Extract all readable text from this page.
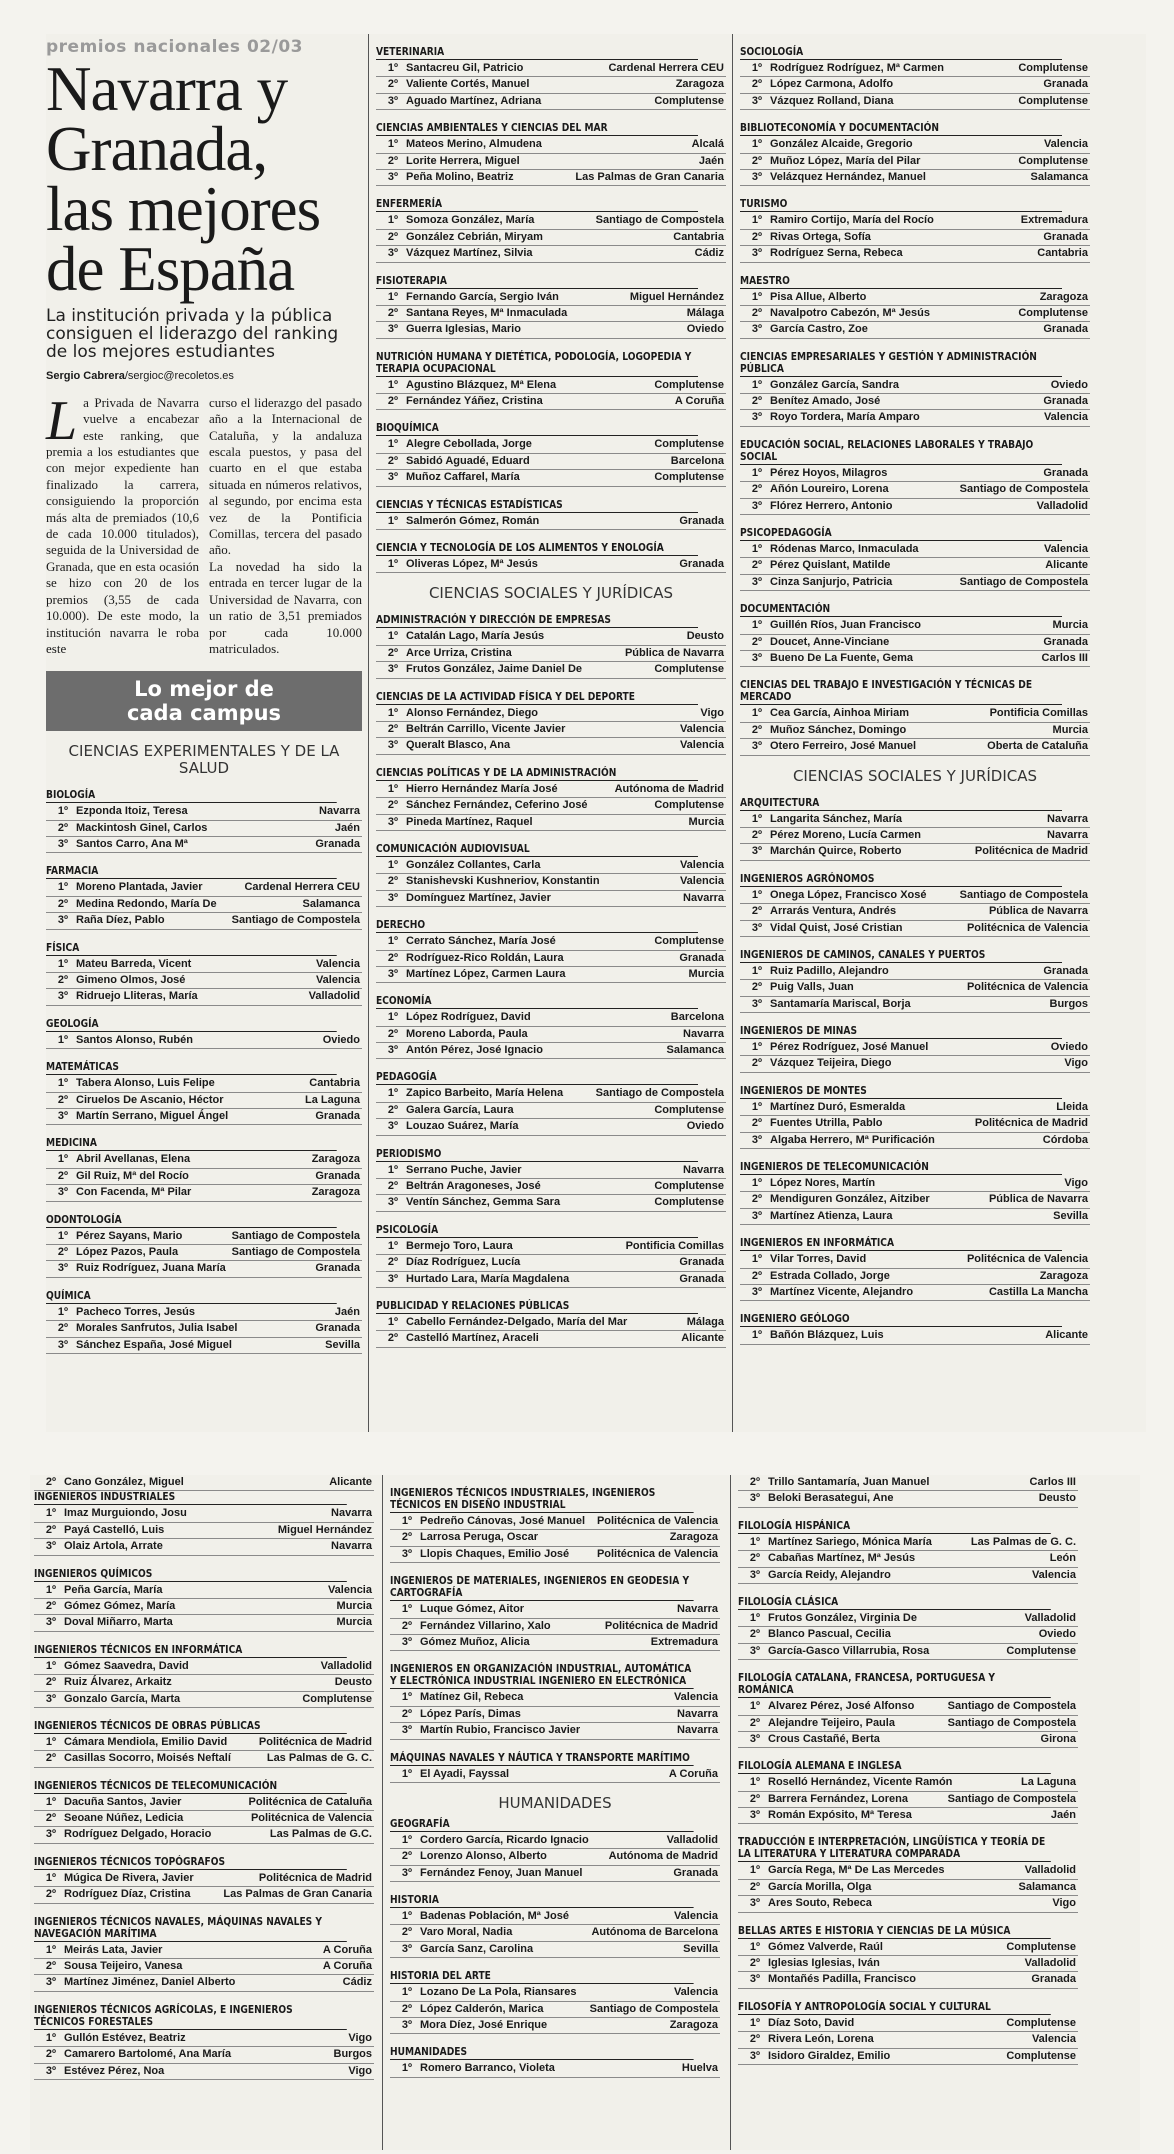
premios nacionales 02/03
Navarra y
Granada,
las mejores
de España
La institución privada y la pública consiguen el liderazgo del ranking de los mejores estudiantes
Sergio Cabrera/sergioc@recoletos.es
La Privada de Navarra vuelve a encabezar este ranking, que premia a los estudiantes que con mejor expediente han finalizado la carrera, consiguiendo la proporción más alta de premiados (10,6 de cada 10.000 titulados), seguida de la Universidad de Granada, que en esta ocasión se hizo con 20 de los premios (3,55 de cada 10.000). De este modo, la institución navarra le roba este
curso el liderazgo del pasado año a la Internacional de Cataluña, y la andaluza escala puestos, y pasa del cuarto en el que estaba situada en números relativos, al segundo, por encima esta vez de la Pontificia Comillas, tercera del pasado año.
La novedad ha sido la entrada en tercer lugar de la Universidad de Navarra, con un ratio de 3,51 premiados por cada 10.000 matriculados.
Lo mejor de
cada campus
CIENCIAS EXPERIMENTALES Y DE LA SALUD
BIOLOGÍA
1º Ezponda Itoiz, Teresa	Navarra
2º Mackintosh Ginel, Carlos	Jaén
3º Santos Carro, Ana Mª	Granada
FARMACIA
1º Moreno Plantada, Javier	Cardenal Herrera CEU
2º Medina Redondo, María De	Salamanca
3º Raña Díez, Pablo	Santiago de Compostela
FÍSICA
1º Mateu Barreda, Vicent	Valencia
2º Gimeno Olmos, José	Valencia
3º Ridruejo Lliteras, María	Valladolid
GEOLOGÍA
1º Santos Alonso, Rubén	Oviedo
MATEMÁTICAS
1º Tabera Alonso, Luis Felipe	Cantabria
2º Ciruelos De Ascanio, Héctor	La Laguna
3º Martín Serrano, Miguel Ángel	Granada
MEDICINA
1º Abril Avellanas, Elena	Zaragoza
2º Gil Ruiz, Mª del Rocío	Granada
3º Con Facenda, Mª Pilar	Zaragoza
ODONTOLOGÍA
1º Pérez Sayans, Mario	Santiago de Compostela
2º López Pazos, Paula	Santiago de Compostela
3º Ruiz Rodríguez, Juana María	Granada
QUÍMICA
1º Pacheco Torres, Jesús	Jaén
2º Morales Sanfrutos, Julia Isabel	Granada
3º Sánchez España, José Miguel	Sevilla
VETERINARIA
1º Santacreu Gil, Patricio	Cardenal Herrera CEU
2º Valiente Cortés, Manuel	Zaragoza
3º Aguado Martínez, Adriana	Complutense
CIENCIAS AMBIENTALES Y CIENCIAS DEL MAR
1º Mateos Merino, Almudena	Alcalá
2º Lorite Herrera, Miguel	Jaén
3º Peña Molino, Beatriz	Las Palmas de Gran Canaria
ENFERMERÍA
1º Somoza González, María	Santiago de Compostela
2º González Cebrián, Miryam	Cantabria
3º Vázquez Martínez, Silvia	Cádiz
FISIOTERAPIA
1º Fernando García, Sergio Iván	Miguel Hernández
2º Santana Reyes, Mª Inmaculada	Málaga
3º Guerra Iglesias, Mario	Oviedo
NUTRICIÓN HUMANA Y DIETÉTICA, PODOLOGÍA, LOGOPEDIA Y TERAPIA OCUPACIONAL
1º Agustino Blázquez, Mª Elena	Complutense
2º Fernández Yáñez, Cristina	A Coruña
BIOQUÍMICA
1º Alegre Cebollada, Jorge	Complutense
2º Sabidó Aguadé, Eduard	Barcelona
3º Muñoz Caffarel, María	Complutense
CIENCIAS Y TÉCNICAS ESTADÍSTICAS
1º Salmerón Gómez, Román	Granada
CIENCIA Y TECNOLOGÍA DE LOS ALIMENTOS Y ENOLOGÍA
1º Oliveras López, Mª Jesús	Granada
CIENCIAS SOCIALES Y JURÍDICAS
ADMINISTRACIÓN Y DIRECCIÓN DE EMPRESAS
1º Catalán Lago, María Jesús	Deusto
2º Arce Urriza, Cristina	Pública de Navarra
3º Frutos González, Jaime Daniel De	Complutense
CIENCIAS DE LA ACTIVIDAD FÍSICA Y DEL DEPORTE
1º Alonso Fernández, Diego	Vigo
2º Beltrán Carrillo, Vicente Javier	Valencia
3º Queralt Blasco, Ana	Valencia
CIENCIAS POLÍTICAS Y DE LA ADMINISTRACIÓN
1º Hierro Hernández María José	Autónoma de Madrid
2º Sánchez Fernández, Ceferino José	Complutense
3º Pineda Martínez, Raquel	Murcia
COMUNICACIÓN AUDIOVISUAL
1º González Collantes, Carla	Valencia
2º Stanishevski Kushneriov, Konstantin	Valencia
3º Domínguez Martínez, Javier	Navarra
DERECHO
1º Cerrato Sánchez, María José	Complutense
2º Rodríguez-Rico Roldán, Laura	Granada
3º Martínez López, Carmen Laura	Murcia
ECONOMÍA
1º López Rodríguez, David	Barcelona
2º Moreno Laborda, Paula	Navarra
3º Antón Pérez, José Ignacio	Salamanca
PEDAGOGÍA
1º Zapico Barbeito, María Helena	Santiago de Compostela
2º Galera García, Laura	Complutense
3º Louzao Suárez, María	Oviedo
PERIODISMO
1º Serrano Puche, Javier	Navarra
2º Beltrán Aragoneses, José	Complutense
3º Ventín Sánchez, Gemma Sara	Complutense
PSICOLOGÍA
1º Bermejo Toro, Laura	Pontificia Comillas
2º Díaz Rodríguez, Lucía	Granada
3º Hurtado Lara, María Magdalena	Granada
PUBLICIDAD Y RELACIONES PÚBLICAS
1º Cabello Fernández-Delgado, María del Mar	Málaga
2º Castelló Martínez, Araceli	Alicante
SOCIOLOGÍA
1º Rodríguez Rodríguez, Mª Carmen	Complutense
2º López Carmona, Adolfo	Granada
3º Vázquez Rolland, Diana	Complutense
BIBLIOTECONOMÍA Y DOCUMENTACIÓN
1º González Alcaide, Gregorio	Valencia
2º Muñoz López, María del Pilar	Complutense
3º Velázquez Hernández, Manuel	Salamanca
TURISMO
1º Ramiro Cortijo, María del Rocío	Extremadura
2º Rivas Ortega, Sofía	Granada
3º Rodríguez Serna, Rebeca	Cantabria
MAESTRO
1º Pisa Allue, Alberto	Zaragoza
2º Navalpotro Cabezón, Mª Jesús	Complutense
3º García Castro, Zoe	Granada
CIENCIAS EMPRESARIALES Y GESTIÓN Y ADMINISTRACIÓN PÚBLICA
1º González García, Sandra	Oviedo
2º Benítez Amado, José	Granada
3º Royo Tordera, María Amparo	Valencia
EDUCACIÓN SOCIAL, RELACIONES LABORALES Y TRABAJO SOCIAL
1º Pérez Hoyos, Milagros	Granada
2º Añón Loureiro, Lorena	Santiago de Compostela
3º Flórez Herrero, Antonio	Valladolid
PSICOPEDAGOGÍA
1º Ródenas Marco, Inmaculada	Valencia
2º Pérez Quislant, Matilde	Alicante
3º Cinza Sanjurjo, Patricia	Santiago de Compostela
DOCUMENTACIÓN
1º Guillén Ríos, Juan Francisco	Murcia
2º Doucet, Anne-Vinciane	Granada
3º Bueno De La Fuente, Gema	Carlos III
CIENCIAS DEL TRABAJO E INVESTIGACIÓN Y TÉCNICAS DE MERCADO
1º Cea García, Ainhoa Miriam	Pontificia Comillas
2º Muñoz Sánchez, Domingo	Murcia
3º Otero Ferreiro, José Manuel	Oberta de Cataluña
CIENCIAS SOCIALES Y JURÍDICAS
ARQUITECTURA
1º Langarita Sánchez, María	Navarra
2º Pérez Moreno, Lucía Carmen	Navarra
3º Marchán Quirce, Roberto	Politécnica de Madrid
INGENIEROS AGRÓNOMOS
1º Onega López, Francisco Xosé	Santiago de Compostela
2º Arrarás Ventura, Andrés	Pública de Navarra
3º Vidal Quist, José Cristian	Politécnica de Valencia
INGENIEROS DE CAMINOS, CANALES Y PUERTOS
1º Ruiz Padillo, Alejandro	Granada
2º Puig Valls, Juan	Politécnica de Valencia
3º Santamaría Mariscal, Borja	Burgos
INGENIEROS DE MINAS
1º Pérez Rodríguez, José Manuel	Oviedo
2º Vázquez Teijeira, Diego	Vigo
INGENIEROS DE MONTES
1º Martínez Duró, Esmeralda	Lleida
2º Fuentes Utrilla, Pablo	Politécnica de Madrid
3º Algaba Herrero, Mª Purificación	Córdoba
INGENIEROS DE TELECOMUNICACIÓN
1º López Nores, Martín	Vigo
2º Mendiguren González, Aitziber	Pública de Navarra
3º Martínez Atienza, Laura	Sevilla
INGENIEROS EN INFORMÁTICA
1º Vilar Torres, David	Politécnica de Valencia
2º Estrada Collado, Jorge	Zaragoza
3º Martínez Vicente, Alejandro	Castilla La Mancha
INGENIERO GEÓLOGO
1º Bañón Blázquez, Luis	Alicante
2º Cano González, Miguel	Alicante
INGENIEROS INDUSTRIALES
1º Imaz Murguiondo, Josu	Navarra
2º Payá Castelló, Luis	Miguel Hernández
3º Olaiz Artola, Arrate	Navarra
INGENIEROS QUÍMICOS
1º Peña García, María	Valencia
2º Gómez Gómez, María	Murcia
3º Doval Miñarro, Marta	Murcia
INGENIEROS TÉCNICOS EN INFORMÁTICA
1º Gómez Saavedra, David	Valladolid
2º Ruiz Álvarez, Arkaitz	Deusto
3º Gonzalo García, Marta	Complutense
INGENIEROS TÉCNICOS DE OBRAS PÚBLICAS
1º Cámara Mendiola, Emilio David	Politécnica de Madrid
2º Casillas Socorro, Moisés Neftalí	Las Palmas de G. C.
INGENIEROS TÉCNICOS DE TELECOMUNICACIÓN
1º Dacuña Santos, Javier	Politécnica de Cataluña
2º Seoane Núñez, Ledicia	Politécnica de Valencia
3º Rodríguez Delgado, Horacio	Las Palmas de G.C.
INGENIEROS TÉCNICOS TOPÓGRAFOS
1º Múgica De Rivera, Javier	Politécnica de Madrid
2º Rodríguez Díaz, Cristina	Las Palmas de Gran Canaria
INGENIEROS TÉCNICOS NAVALES, MÁQUINAS NAVALES Y NAVEGACIÓN MARÍTIMA
1º Meirás Lata, Javier	A Coruña
2º Sousa Teijeiro, Vanesa	A Coruña
3º Martínez Jiménez, Daniel Alberto	Cádiz
INGENIEROS TÉCNICOS AGRÍCOLAS, E INGENIEROS TÉCNICOS FORESTALES
1º Gullón Estévez, Beatriz	Vigo
2º Camarero Bartolomé, Ana María	Burgos
3º Estévez Pérez, Noa	Vigo
INGENIEROS TÉCNICOS INDUSTRIALES, INGENIEROS TÉCNICOS EN DISEÑO INDUSTRIAL
1º Pedreño Cánovas, José Manuel	Politécnica de Valencia
2º Larrosa Peruga, Oscar	Zaragoza
3º Llopis Chaques, Emilio José	Politécnica de Valencia
INGENIEROS DE MATERIALES, INGENIEROS EN GEODESIA Y CARTOGRAFÍA
1º Luque Gómez, Aitor	Navarra
2º Fernández Villarino, Xalo	Politécnica de Madrid
3º Gómez Muñoz, Alicia	Extremadura
INGENIEROS EN ORGANIZACIÓN INDUSTRIAL, AUTOMÁTICA Y ELECTRÓNICA INDUSTRIAL INGENIERO EN ELECTRÓNICA
1º Matínez Gil, Rebeca	Valencia
2º López París, Dimas	Navarra
3º Martín Rubio, Francisco Javier	Navarra
MÁQUINAS NAVALES Y NÁUTICA Y TRANSPORTE MARÍTIMO
1º El Ayadi, Fayssal	A Coruña
HUMANIDADES
GEOGRAFÍA
1º Cordero García, Ricardo Ignacio	Valladolid
2º Lorenzo Alonso, Alberto	Autónoma de Madrid
3º Fernández Fenoy, Juan Manuel	Granada
HISTORIA
1º Badenas Población, Mª José	Valencia
2º Varo Moral, Nadia	Autónoma de Barcelona
3º García Sanz, Carolina	Sevilla
HISTORIA DEL ARTE
1º Lozano De La Pola, Riansares	Valencia
2º López Calderón, Marica	Santiago de Compostela
3º Mora Díez, José Enrique	Zaragoza
HUMANIDADES
1º Romero Barranco, Violeta	Huelva
2º Trillo Santamaría, Juan Manuel	Carlos III
3º Beloki Berasategui, Ane	Deusto
FILOLOGÍA HISPÁNICA
1º Martínez Sariego, Mónica María	Las Palmas de G. C.
2º Cabañas Martínez, Mª Jesús	León
3º García Reidy, Alejandro	Valencia
FILOLOGÍA CLÁSICA
1º Frutos González, Virginia De	Valladolid
2º Blanco Pascual, Cecilia	Oviedo
3º García-Gasco Villarrubia, Rosa	Complutense
FILOLOGÍA CATALANA, FRANCESA, PORTUGUESA Y ROMÁNICA
1º Alvarez Pérez, José Alfonso	Santiago de Compostela
2º Alejandre Teijeiro, Paula	Santiago de Compostela
3º Crous Castañé, Berta	Girona
FILOLOGÍA ALEMANA E INGLESA
1º Roselló Hernández, Vicente Ramón	La Laguna
2º Barrera Fernández, Lorena	Santiago de Compostela
3º Román Expósito, Mª Teresa	Jaén
TRADUCCIÓN E INTERPRETACIÓN, LINGÜÍSTICA Y TEORÍA DE LA LITERATURA Y LITERATURA COMPARADA
1º García Rega, Mª De Las Mercedes	Valladolid
2º García Morilla, Olga	Salamanca
3º Ares Souto, Rebeca	Vigo
BELLAS ARTES E HISTORIA Y CIENCIAS DE LA MÚSICA
1º Gómez Valverde, Raúl	Complutense
2º Iglesias Iglesias, Iván	Valladolid
3º Montañés Padilla, Francisco	Granada
FILOSOFÍA Y ANTROPOLOGÍA SOCIAL Y CULTURAL
1º Díaz Soto, David	Complutense
2º Rivera León, Lorena	Valencia
3º Isidoro Giraldez, Emilio	Complutense
